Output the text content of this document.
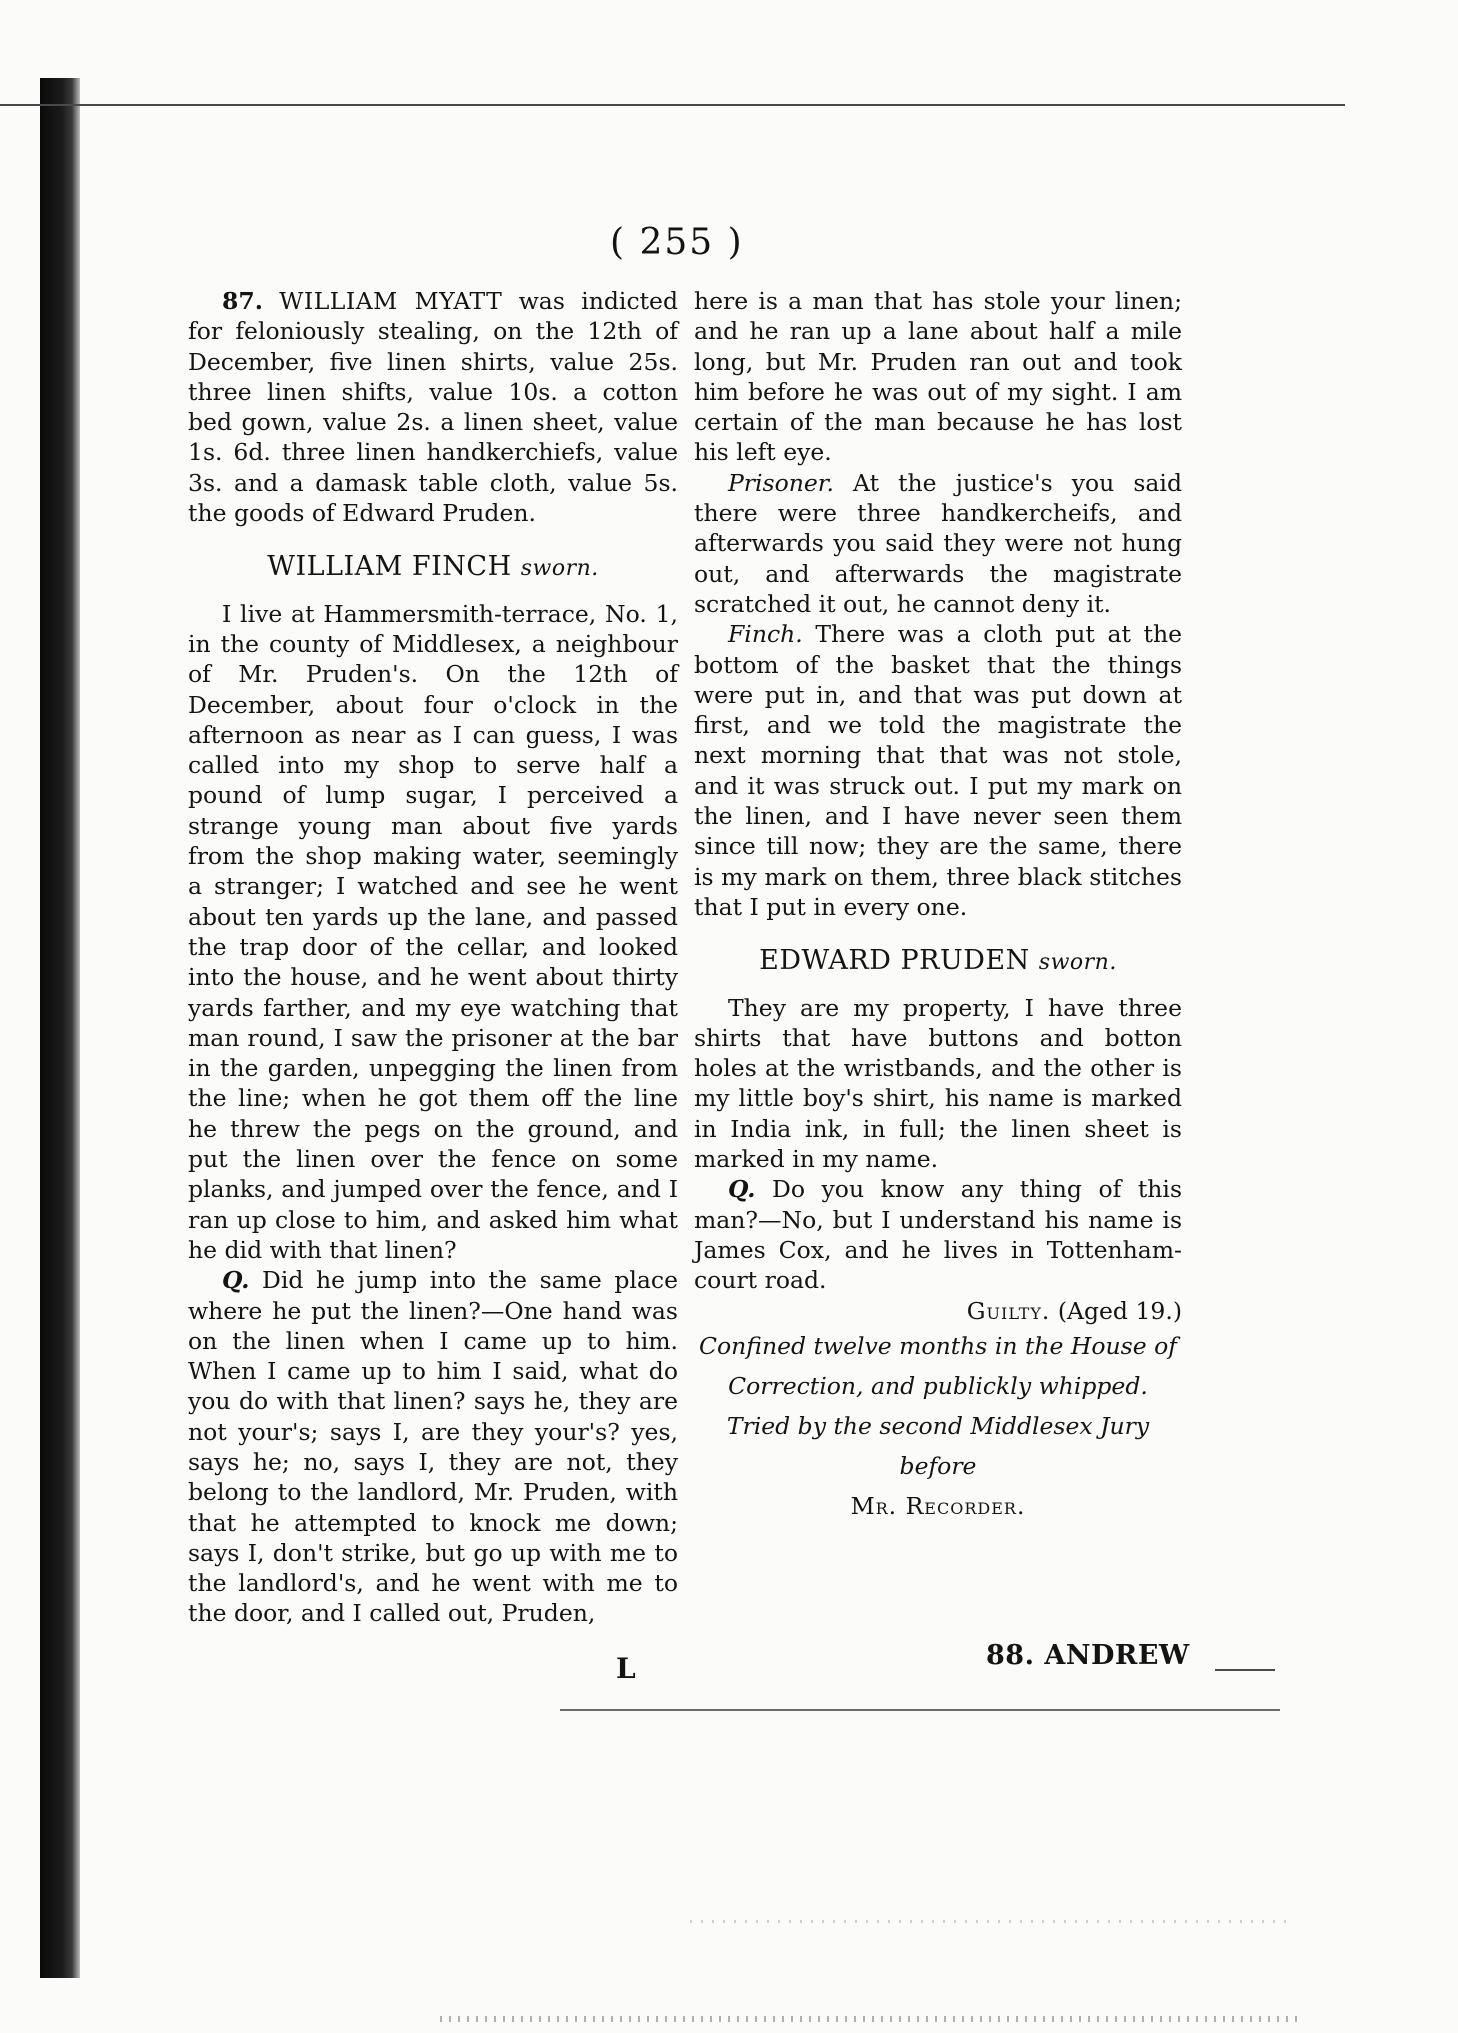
( 255 )

87. WILLIAM MYATT was indicted for feloniously stealing, on the 12th of December, five linen shirts, value 25s. three linen shifts, value 10s. a cotton bed gown, value 2s. a linen sheet, value 1s. 6d. three linen handkerchiefs, value 3s. and a damask table cloth, value 5s. the goods of Edward Pruden.

WILLIAM FINCH sworn.

I live at Hammersmith-terrace, No. 1, in the county of Middlesex, a neighbour of Mr. Pruden's. On the 12th of December, about four o'clock in the afternoon as near as I can guess, I was called into my shop to serve half a pound of lump sugar, I perceived a strange young man about five yards from the shop making water, seemingly a stranger; I watched and see he went about ten yards up the lane, and passed the trap door of the cellar, and looked into the house, and he went about thirty yards farther, and my eye watching that man round, I saw the prisoner at the bar in the garden, unpegging the linen from the line; when he got them off the line he threw the pegs on the ground, and put the linen over the fence on some planks, and jumped over the fence, and I ran up close to him, and asked him what he did with that linen?

Q. Did he jump into the same place where he put the linen?—One hand was on the linen when I came up to him. When I came up to him I said, what do you do with that linen? says he, they are not your's; says I, are they your's? yes, says he; no, says I, they are not, they belong to the landlord, Mr. Pruden, with that he attempted to knock me down; says I, don't strike, but go up with me to the landlord's, and he went with me to the door, and I called out, Pruden,

here is a man that has stole your linen; and he ran up a lane about half a mile long, but Mr. Pruden ran out and took him before he was out of my sight. I am certain of the man because he has lost his left eye.

Prisoner. At the justice's you said there were three handkercheifs, and afterwards you said they were not hung out, and afterwards the magistrate scratched it out, he cannot deny it.

Finch. There was a cloth put at the bottom of the basket that the things were put in, and that was put down at first, and we told the magistrate the next morning that that was not stole, and it was struck out. I put my mark on the linen, and I have never seen them since till now; they are the same, there is my mark on them, three black stitches that I put in every one.

EDWARD PRUDEN sworn.

They are my property, I have three shirts that have buttons and botton holes at the wristbands, and the other is my little boy's shirt, his name is marked in India ink, in full; the linen sheet is marked in my name.

Q. Do you know any thing of this man?—No, but I understand his name is James Cox, and he lives in Tottenham-court road.

Guilty. (Aged 19.)

Confined twelve months in the House of Correction, and publickly whipped.

Tried by the second Middlesex Jury before
Mr. Recorder.

L	88. ANDREW
